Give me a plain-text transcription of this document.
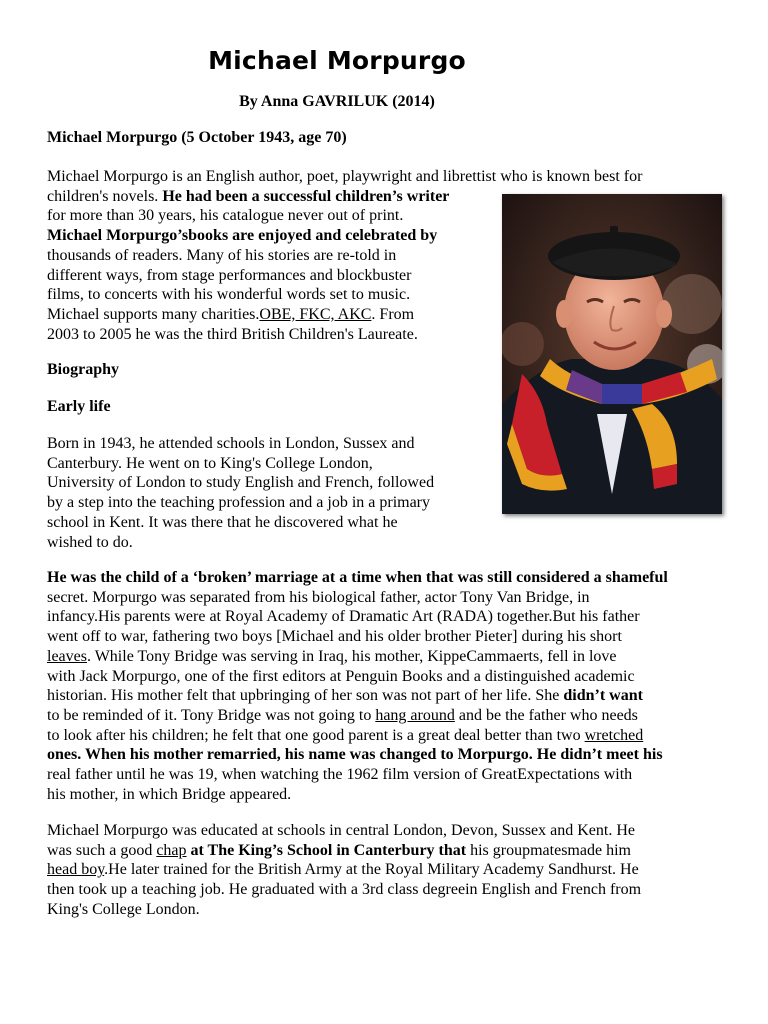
Michael Morpurgo
By Anna GAVRILUK (2014)

Michael Morpurgo (5 October 1943, age 70)

Michael Morpurgo is an English author, poet, playwright and librettist who is known best for
children's novels. He had been a successful children’s writer
for more than 30 years, his catalogue never out of print.
Michael Morpurgo’sbooks are enjoyed and celebrated by
thousands of readers. Many of his stories are re-told in
different ways, from stage performances and blockbuster
films, to concerts with his wonderful words set to music.
Michael supports many charities.OBE, FKC, AKC. From
2003 to 2005 he was the third British Children's Laureate.

Biography

Early life

Born in 1943, he attended schools in London, Sussex and
Canterbury. He went on to King's College London,
University of London to study English and French, followed
by a step into the teaching profession and a job in a primary
school in Kent. It was there that he discovered what he
wished to do.
He was the child of a ‘broken’ marriage at a time when that was still considered a shameful
secret. Morpurgo was separated from his biological father, actor Tony Van Bridge, in
infancy.His parents were at Royal Academy of Dramatic Art (RADA) together.But his father
went off to war, fathering two boys [Michael and his older brother Pieter] during his short
leaves. While Tony Bridge was serving in Iraq, his mother, KippeCammaerts, fell in love
with Jack Morpurgo, one of the first editors at Penguin Books and a distinguished academic
historian. His mother felt that upbringing of her son was not part of her life. She didn’t want
to be reminded of it. Tony Bridge was not going to hang around and be the father who needs
to look after his children; he felt that one good parent is a great deal better than two wretched
ones. When his mother remarried, his name was changed to Morpurgo. He didn’t meet his
real father until he was 19, when watching the 1962 film version of GreatExpectations with
his mother, in which Bridge appeared.
Michael Morpurgo was educated at schools in central London, Devon, Sussex and Kent. He
was such a good chap at The King’s School in Canterbury that his groupmatesmade him
head boy.He later trained for the British Army at the Royal Military Academy Sandhurst. He
then took up a teaching job. He graduated with a 3rd class degreein English and French from
King's College London.
